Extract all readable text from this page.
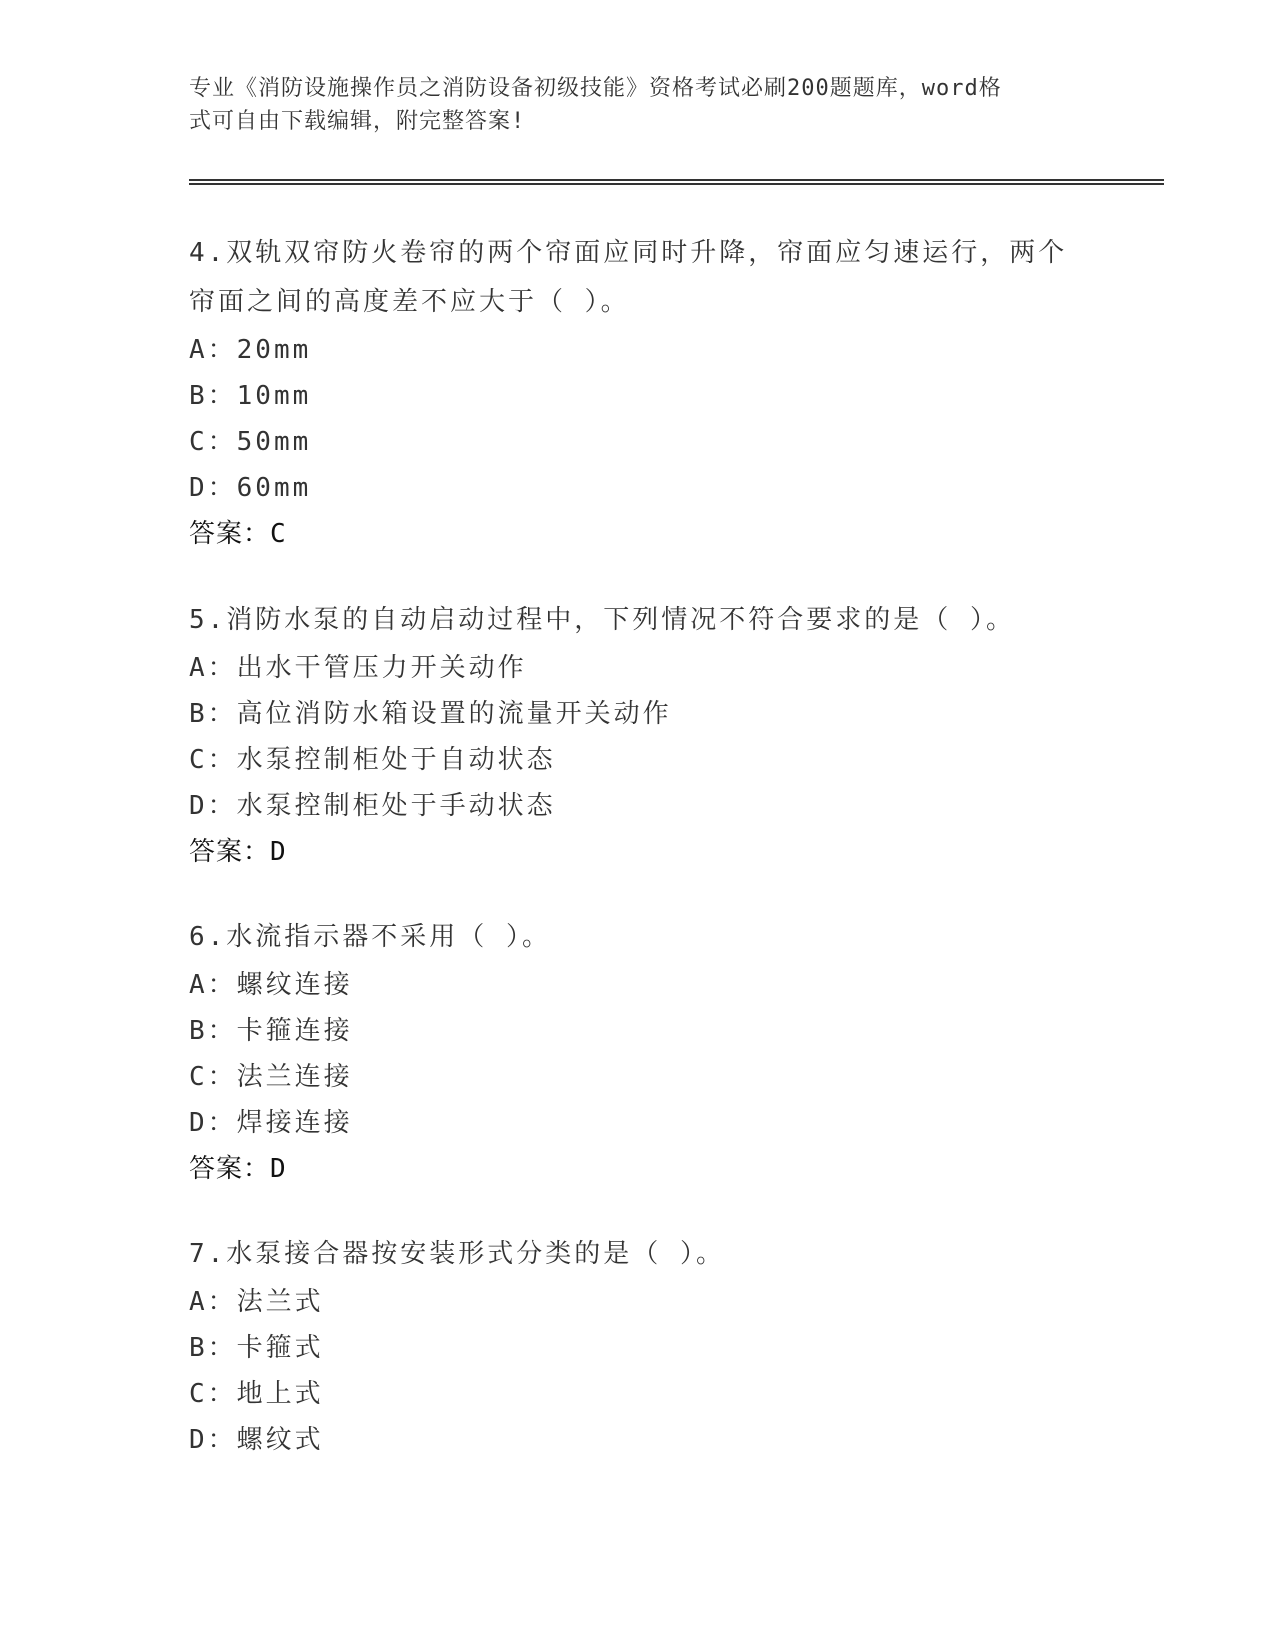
专业《消防设施操作员之消防设备初级技能》资格考试必刷200题题库，word格
式可自由下载编辑，附完整答案!
4.双轨双帘防火卷帘的两个帘面应同时升降，帘面应匀速运行，两个
帘面之间的高度差不应大于（ ）。
A：20mm
B：10mm
C：50mm
D：60mm
答案：C
5.消防水泵的自动启动过程中，下列情况不符合要求的是（ ）。
A：出水干管压力开关动作
B：高位消防水箱设置的流量开关动作
C：水泵控制柜处于自动状态
D：水泵控制柜处于手动状态
答案：D
6.水流指示器不采用（ ）。
A：螺纹连接
B：卡箍连接
C：法兰连接
D：焊接连接
答案：D
7.水泵接合器按安装形式分类的是（ ）。
A：法兰式
B：卡箍式
C：地上式
D：螺纹式
